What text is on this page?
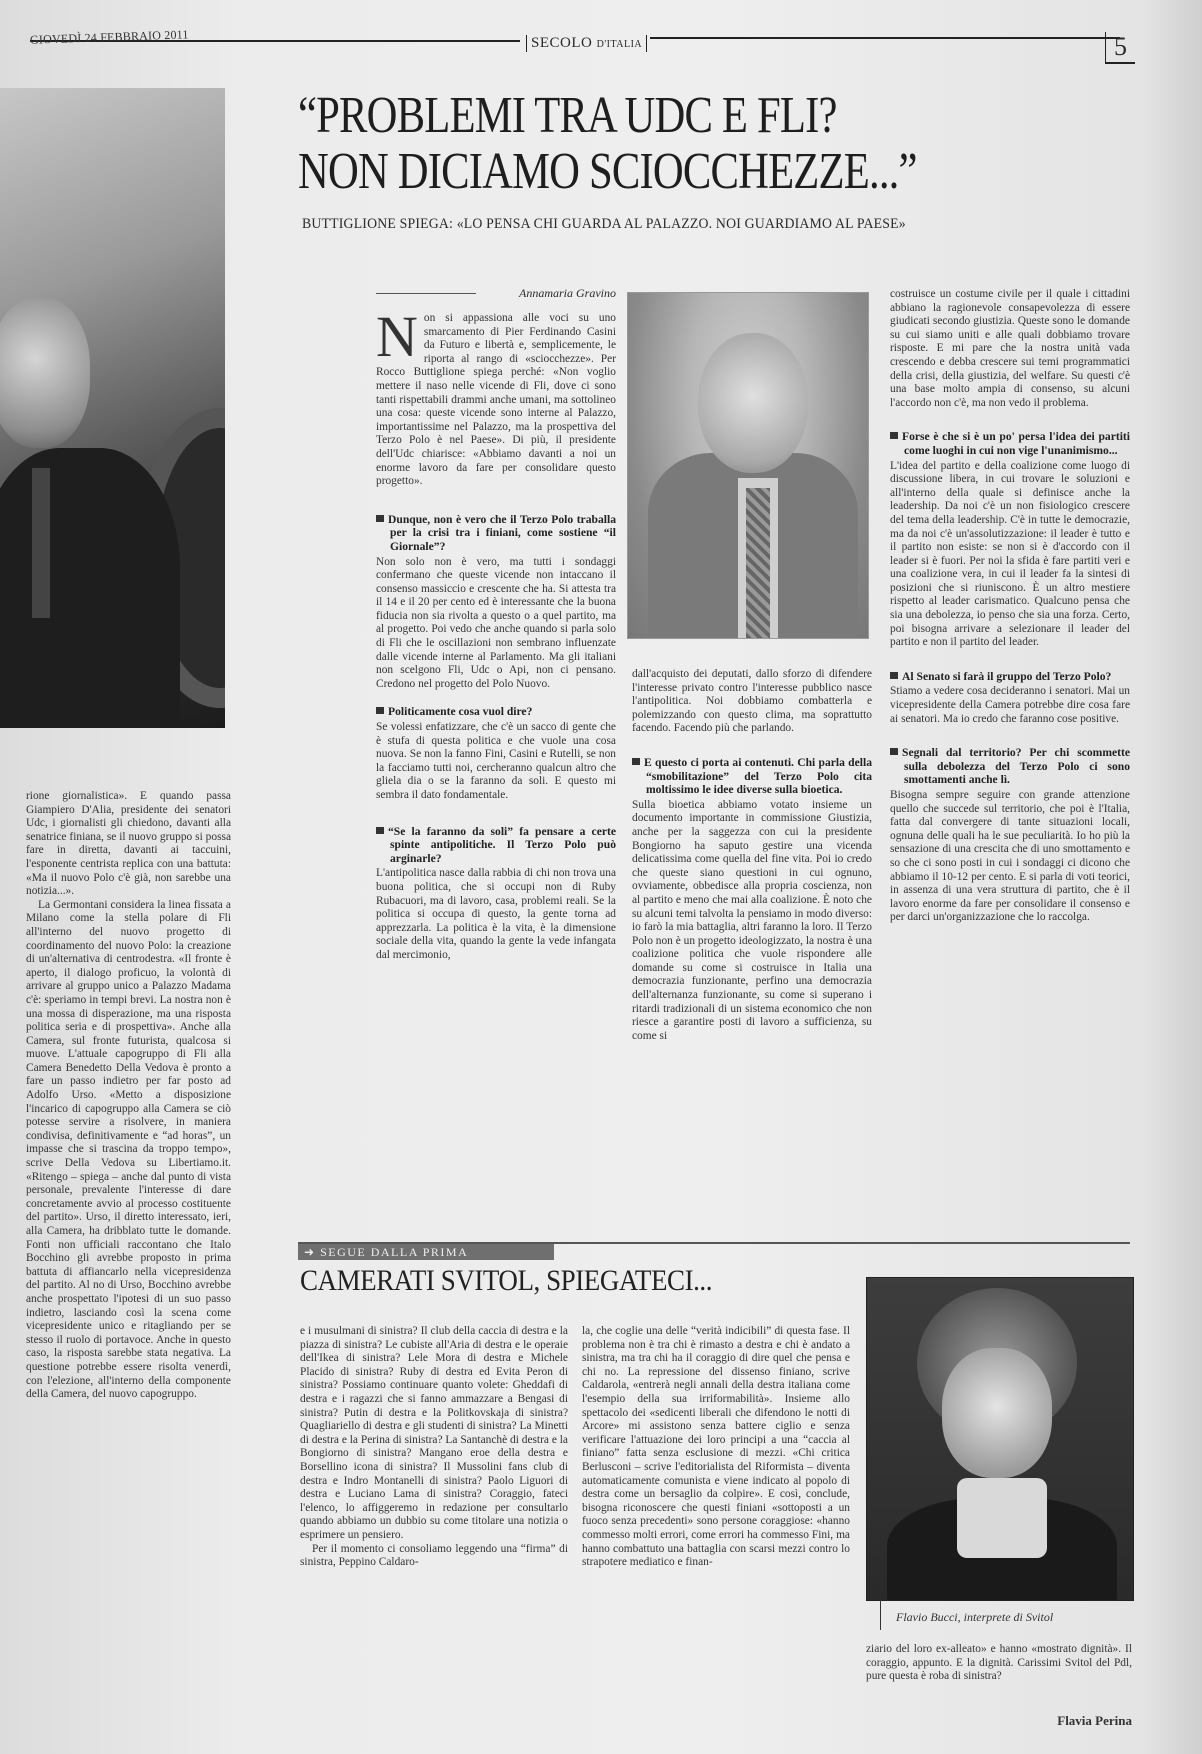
GIOVEDÌ 24 FEBBRAIO 2011	SECOLO D'ITALIA	5
“PROBLEMI TRA UDC E FLI?
NON DICIAMO SCIOCCHEZZE...”
BUTTIGLIONE SPIEGA: «LO PENSA CHI GUARDA AL PALAZZO. NOI GUARDIAMO AL PAESE»
Annamaria Gravino

Non si appassiona alle voci su uno smarcamento di Pier Ferdinando Casini da Futuro e libertà e, semplicemente, le riporta al rango di «sciocchezze». Per Rocco Buttiglione spiega perché: «Non voglio mettere il naso nelle vicende di Fli, dove ci sono tanti rispettabili drammi anche umani, ma sottolineo una cosa: queste vicende sono interne al Palazzo, importantissime nel Palazzo, ma la prospettiva del Terzo Polo è nel Paese». Di più, il presidente dell'Udc chiarisce: «Abbiamo davanti a noi un enorme lavoro da fare per consolidare questo progetto».

Dunque, non è vero che il Terzo Polo traballa per la crisi tra i finiani, come sostiene “il Giornale”?

Non solo non è vero, ma tutti i sondaggi confermano che queste vicende non intaccano il consenso massiccio e crescente che ha. Si attesta tra il 14 e il 20 per cento ed è interessante che la buona fiducia non sia rivolta a questo o a quel partito, ma al progetto. Poi vedo che anche quando si parla solo di Fli che le oscillazioni non sembrano influenzate dalle vicende interne al Parlamento. Ma gli italiani non scelgono Fli, Udc o Api, non ci pensano. Credono nel progetto del Polo Nuovo.

Politicamente cosa vuol dire?

Se volessi enfatizzare, che c'è un sacco di gente che è stufa di questa politica e che vuole una cosa nuova. Se non la fanno Fini, Casini e Rutelli, se non la facciamo tutti noi, cercheranno qualcun altro che gliela dia o se la faranno da soli. E questo mi sembra il dato fondamentale.

“Se la faranno da soli” fa pensare a certe spinte antipolitiche. Il Terzo Polo può arginarle?

L'antipolitica nasce dalla rabbia di chi non trova una buona politica, che si occupi non di Ruby Rubacuori, ma di lavoro, casa, problemi reali. Se la politica si occupa di questo, la gente torna ad apprezzarla. La politica è la vita, è la dimensione sociale della vita, quando la gente la vede infangata dal mercimonio,

dall'acquisto dei deputati, dallo sforzo di difendere l'interesse privato contro l'interesse pubblico nasce l'antipolitica. Noi dobbiamo combatterla e polemizzando con questo clima, ma soprattutto facendo. Facendo più che parlando.

E questo ci porta ai contenuti. Chi parla della “smobilitazione” del Terzo Polo cita moltissimo le idee diverse sulla bioetica.

Sulla bioetica abbiamo votato insieme un documento importante in commissione Giustizia, anche per la saggezza con cui la presidente Bongiorno ha saputo gestire una vicenda delicatissima come quella del fine vita. Poi io credo che queste siano questioni in cui ognuno, ovviamente, obbedisce alla propria coscienza, non al partito e meno che mai alla coalizione. È noto che su alcuni temi talvolta la pensiamo in modo diverso: io farò la mia battaglia, altri faranno la loro. Il Terzo Polo non è un progetto ideologizzato, la nostra è una coalizione politica che vuole rispondere alle domande su come si costruisce in Italia una democrazia funzionante, perfino una democrazia dell'alternanza funzionante, su come si superano i ritardi tradizionali di un sistema economico che non riesce a garantire posti di lavoro a sufficienza, su come si

costruisce un costume civile per il quale i cittadini abbiano la ragionevole consapevolezza di essere giudicati secondo giustizia. Queste sono le domande su cui siamo uniti e alle quali dobbiamo trovare risposte. E mi pare che la nostra unità vada crescendo e debba crescere sui temi programmatici della crisi, della giustizia, del welfare. Su questi c'è una base molto ampia di consenso, su alcuni l'accordo non c'è, ma non vedo il problema.

Forse è che si è un po' persa l'idea dei partiti come luoghi in cui non vige l'unanimismo...

L'idea del partito e della coalizione come luogo di discussione libera, in cui trovare le soluzioni e all'interno della quale si definisce anche la leadership. Da noi c'è un non fisiologico crescere del tema della leadership. C'è in tutte le democrazie, ma da noi c'è un'assolutizzazione: il leader è tutto e il partito non esiste: se non si è d'accordo con il leader si è fuori. Per noi la sfida è fare partiti veri e una coalizione vera, in cui il leader fa la sintesi di posizioni che si riuniscono. È un altro mestiere rispetto al leader carismatico. Qualcuno pensa che sia una debolezza, io penso che sia una forza. Certo, poi bisogna arrivare a selezionare il leader del partito e non il partito del leader.

Al Senato si farà il gruppo del Terzo Polo?

Stiamo a vedere cosa decideranno i senatori. Mai un vicepresidente della Camera potrebbe dire cosa fare ai senatori. Ma io credo che faranno cose positive.

Segnali dal territorio? Per chi scommette sulla debolezza del Terzo Polo ci sono smottamenti anche lì.

Bisogna sempre seguire con grande attenzione quello che succede sul territorio, che poi è l'Italia, fatta dal convergere di tante situazioni locali, ognuna delle quali ha le sue peculiarità. Io ho più la sensazione di una crescita che di uno smottamento e so che ci sono posti in cui i sondaggi ci dicono che abbiamo il 10-12 per cento. E si parla di voti teorici, in assenza di una vera struttura di partito, che è il lavoro enorme da fare per consolidare il consenso e per darci un'organizzazione che lo raccolga.

rione giornalistica». E quando passa Giampiero D'Alia, presidente dei senatori Udc, i giornalisti gli chiedono, davanti alla senatrice finiana, se il nuovo gruppo si possa fare in diretta, davanti ai taccuini, l'esponente centrista replica con una battuta: «Ma il nuovo Polo c'è già, non sarebbe una notizia...».

La Germontani considera la linea fissata a Milano come la stella polare di Fli all'interno del nuovo progetto di coordinamento del nuovo Polo: la creazione di un'alternativa di centrodestra. «Il fronte è aperto, il dialogo proficuo, la volontà di arrivare al gruppo unico a Palazzo Madama c'è: speriamo in tempi brevi. La nostra non è una mossa di disperazione, ma una risposta politica seria e di prospettiva». Anche alla Camera, sul fronte futurista, qualcosa si muove. L'attuale capogruppo di Fli alla Camera Benedetto Della Vedova è pronto a fare un passo indietro per far posto ad Adolfo Urso. «Metto a disposizione l'incarico di capogruppo alla Camera se ciò potesse servire a risolvere, in maniera condivisa, definitivamente e “ad horas”, un impasse che si trascina da troppo tempo», scrive Della Vedova su Libertiamo.it. «Ritengo – spiega – anche dal punto di vista personale, prevalente l'interesse di dare concretamente avvio al processo costituente del partito». Urso, il diretto interessato, ieri, alla Camera, ha dribblato tutte le domande. Fonti non ufficiali raccontano che Italo Bocchino gli avrebbe proposto in prima battuta di affiancarlo nella vicepresidenza del partito. Al no di Urso, Bocchino avrebbe anche prospettato l'ipotesi di un suo passo indietro, lasciando così la scena come vicepresidente unico e ritagliando per se stesso il ruolo di portavoce. Anche in questo caso, la risposta sarebbe stata negativa. La questione potrebbe essere risolta venerdì, con l'elezione, all'interno della componente della Camera, del nuovo capogruppo.

➜ SEGUE DALLA PRIMA
CAMERATI SVITOL, SPIEGATECI...

e i musulmani di sinistra? Il club della caccia di destra e la piazza di sinistra? Le cubiste all'Aria di destra e le operaie dell'Ikea di sinistra? Lele Mora di destra e Michele Placido di sinistra? Ruby di destra ed Evita Peron di sinistra? Possiamo continuare quanto volete: Gheddafi di destra e i ragazzi che si fanno ammazzare a Bengasi di sinistra? Putin di destra e la Politkovskaja di sinistra? Quagliariello di destra e gli studenti di sinistra? La Minetti di destra e la Perina di sinistra? La Santanchè di destra e la Bongiorno di sinistra? Mangano eroe della destra e Borsellino icona di sinistra? Il Mussolini fans club di destra e Indro Montanelli di sinistra? Paolo Liguori di destra e Luciano Lama di sinistra? Coraggio, fateci l'elenco, lo affiggeremo in redazione per consultarlo quando abbiamo un dubbio su come titolare una notizia o esprimere un pensiero.

Per il momento ci consoliamo leggendo una “firma” di sinistra, Peppino Caldaro-

la, che coglie una delle “verità indicibili” di questa fase. Il problema non è tra chi è rimasto a destra e chi è andato a sinistra, ma tra chi ha il coraggio di dire quel che pensa e chi no. La repressione del dissenso finiano, scrive Caldarola, «entrerà negli annali della destra italiana come l'esempio della sua irriformabilità». Insieme allo spettacolo dei «sedicenti liberali che difendono le notti di Arcore» mi assistono senza battere ciglio e senza verificare l'attuazione dei loro principi a una “caccia al finiano” fatta senza esclusione di mezzi. «Chi critica Berlusconi – scrive l'editorialista del Riformista – diventa automaticamente comunista e viene indicato al popolo di destra come un bersaglio da colpire». E così, conclude, bisogna riconoscere che questi finiani «sottoposti a un fuoco senza precedenti» sono persone coraggiose: «hanno commesso molti errori, come errori ha commesso Fini, ma hanno combattuto una battaglia con scarsi mezzi contro lo strapotere mediatico e finan-

Flavio Bucci, interprete di Svitol

ziario del loro ex-alleato» e hanno «mostrato dignità». Il coraggio, appunto. E la dignità. Carissimi Svitol del Pdl, pure questa è roba di sinistra?

Flavia Perina
